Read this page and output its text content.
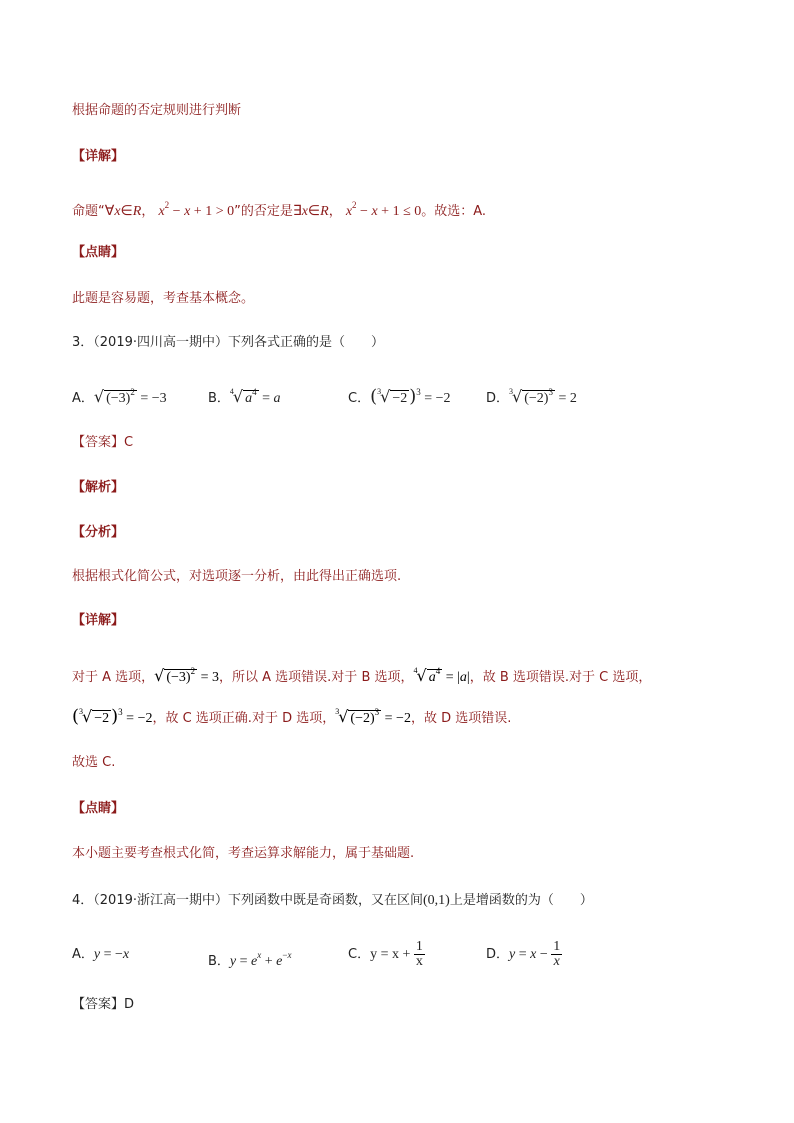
根据命题的否定规则进行判断
【详解】
命题“∀x∈R， $x^2 - x + 1 > 0$”的否定是∃x∈R， $x^2 - x + 1 \le 0$。故选：A.
【点睛】
此题是容易题，考查基本概念。
3．（2019·四川高一期中）下列各式正确的是（　　）
A．√ $(-3)^2 = -3$	B．$^4$√ $a^4 = a$	C．($^3$√ −2 )$^3$ = −2	D．$^3$√ $(-2)^3 = 2$
【答案】C
【解析】
【分析】
根据根式化简公式，对选项逐一分析，由此得出正确选项.
【详解】
对于 A 选项，√ $(-3)^2 = 3$，所以 A 选项错误.对于 B 选项，$^4$√ $a^4 = |a|$，故 B 选项错误.对于 C 选项，
($^3$√ −2 )$^3$ = −2，故 C 选项正确.对于 D 选项，$^3$√ $(-2)^3 = -2$，故 D 选项错误.
故选 C.
【点睛】
本小题主要考查根式化简，考查运算求解能力，属于基础题.
4．（2019·浙江高一期中）下列函数中既是奇函数，又在区间(0,1)上是增函数的为（　　）
A．y = −x	B．$y = e^x + e^{-x}$	C．$y = x + \frac{1}{x}$	D．$y = x - \frac{1}{x}$
【答案】D
